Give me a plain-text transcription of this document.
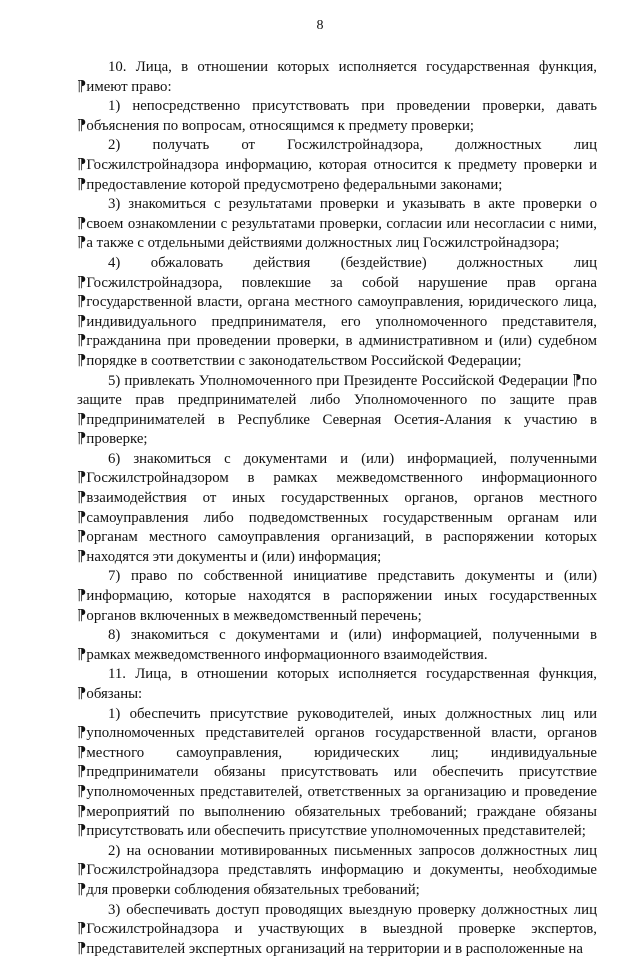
8

10. Лица, в отношении которых исполняется государственная функция, ⁋имеют право:

1) непосредственно присутствовать при проведении проверки, давать ⁋объяснения по вопросам, относящимся к предмету проверки;

2) получать от Госжилстройнадзора, должностных лиц ⁋Госжилстройнадзора информацию, которая относится к предмету проверки и ⁋предоставление которой предусмотрено федеральными законами;

3) знакомиться с результатами проверки и указывать в акте проверки о ⁋своем ознакомлении с результатами проверки, согласии или несогласии с ними, ⁋а также с отдельными действиями должностных лиц Госжилстройнадзора;

4) обжаловать действия (бездействие) должностных лиц ⁋Госжилстройнадзора, повлекшие за собой нарушение прав органа ⁋государственной власти, органа местного самоуправления, юридического лица, ⁋индивидуального предпринимателя, его уполномоченного представителя, ⁋гражданина при проведении проверки, в административном и (или) судебном ⁋порядке в соответствии с законодательством Российской Федерации;

5) привлекать Уполномоченного при Президенте Российской Федерации ⁋по защите прав предпринимателей либо Уполномоченного по защите прав ⁋предпринимателей в Республике Северная Осетия-Алания к участию в ⁋проверке;

6) знакомиться с документами и (или) информацией, полученными ⁋Госжилстройнадзором в рамках межведомственного информационного ⁋взаимодействия от иных государственных органов, органов местного ⁋самоуправления либо подведомственных государственным органам или ⁋органам местного самоуправления организаций, в распоряжении которых ⁋находятся эти документы и (или) информация;

7) право по собственной инициативе представить документы и (или) ⁋информацию, которые находятся в распоряжении иных государственных ⁋органов включенных в межведомственный перечень;

8) знакомиться с документами и (или) информацией, полученными в ⁋рамках межведомственного информационного взаимодействия.

11. Лица, в отношении которых исполняется государственная функция, ⁋обязаны:

1) обеспечить присутствие руководителей, иных должностных лиц или ⁋уполномоченных представителей органов государственной власти, органов ⁋местного самоуправления, юридических лиц; индивидуальные ⁋предприниматели обязаны присутствовать или обеспечить присутствие ⁋уполномоченных представителей, ответственных за организацию и проведение ⁋мероприятий по выполнению обязательных требований; граждане обязаны ⁋присутствовать или обеспечить присутствие уполномоченных представителей;

2) на основании мотивированных письменных запросов должностных лиц ⁋Госжилстройнадзора представлять информацию и документы, необходимые ⁋для проверки соблюдения обязательных требований;

3) обеспечивать доступ проводящих выездную проверку должностных лиц ⁋Госжилстройнадзора и участвующих в выездной проверке экспертов, ⁋представителей экспертных организаций на территории и в расположенные на
